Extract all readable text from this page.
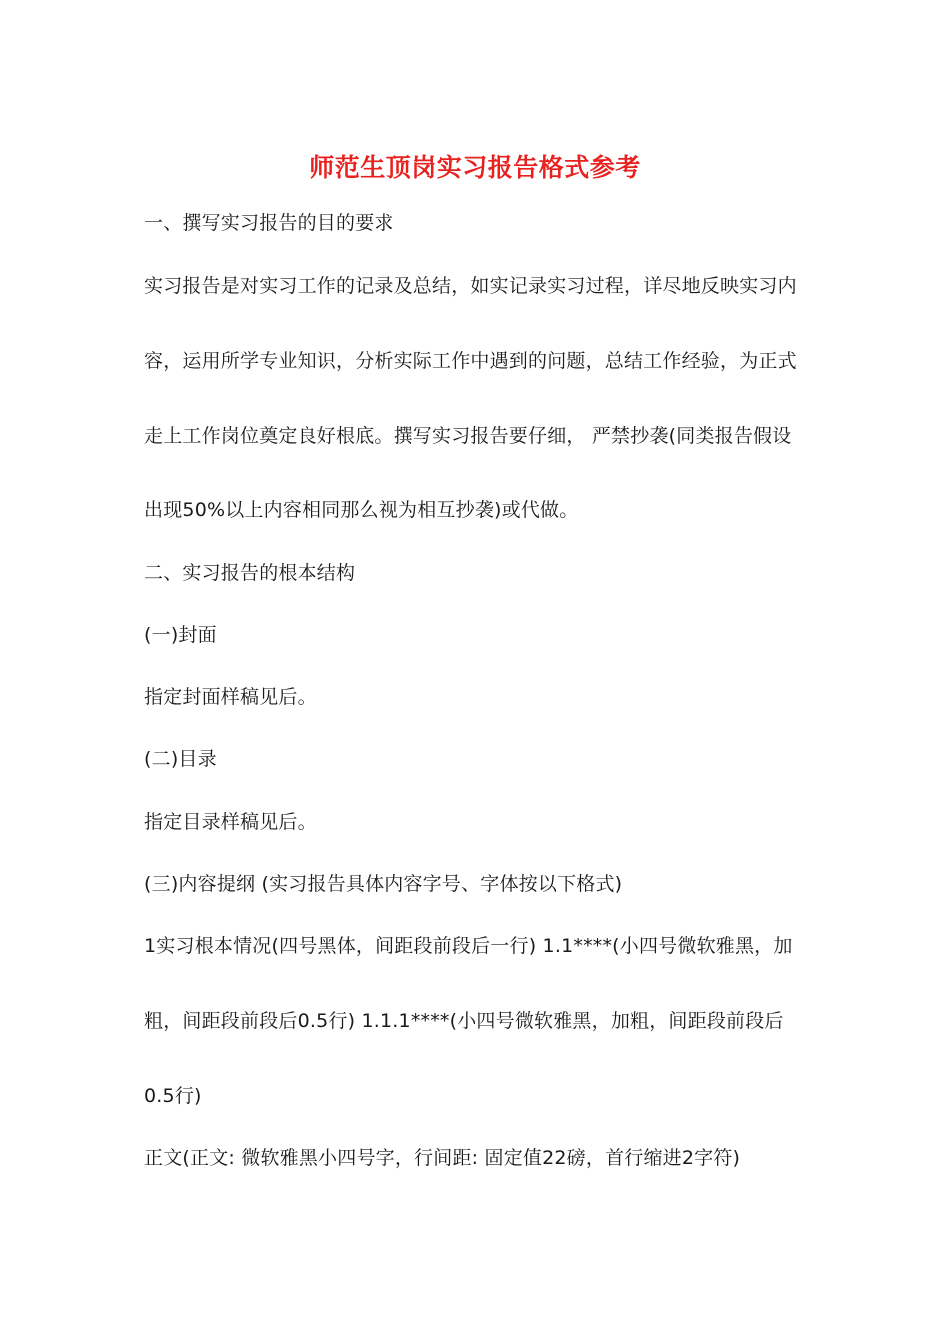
师范生顶岗实习报告格式参考
一、撰写实习报告的目的要求
实习报告是对实习工作的记录及总结，如实记录实习过程，详尽地反映实习内
容，运用所学专业知识，分析实际工作中遇到的问题，总结工作经验，为正式
走上工作岗位奠定良好根底。撰写实习报告要仔细， 严禁抄袭(同类报告假设
出现50%以上内容相同那么视为相互抄袭)或代做。
二、实习报告的根本结构
(一)封面
指定封面样稿见后。
(二)目录
指定目录样稿见后。
(三)内容提纲 (实习报告具体内容字号、字体按以下格式)
1实习根本情况(四号黑体，间距段前段后一行) 1.1****(小四号微软雅黑，加
粗，间距段前段后0.5行) 1.1.1****(小四号微软雅黑，加粗，间距段前段后
0.5行)
正文(正文: 微软雅黑小四号字，行间距: 固定值22磅，首行缩进2字符)
